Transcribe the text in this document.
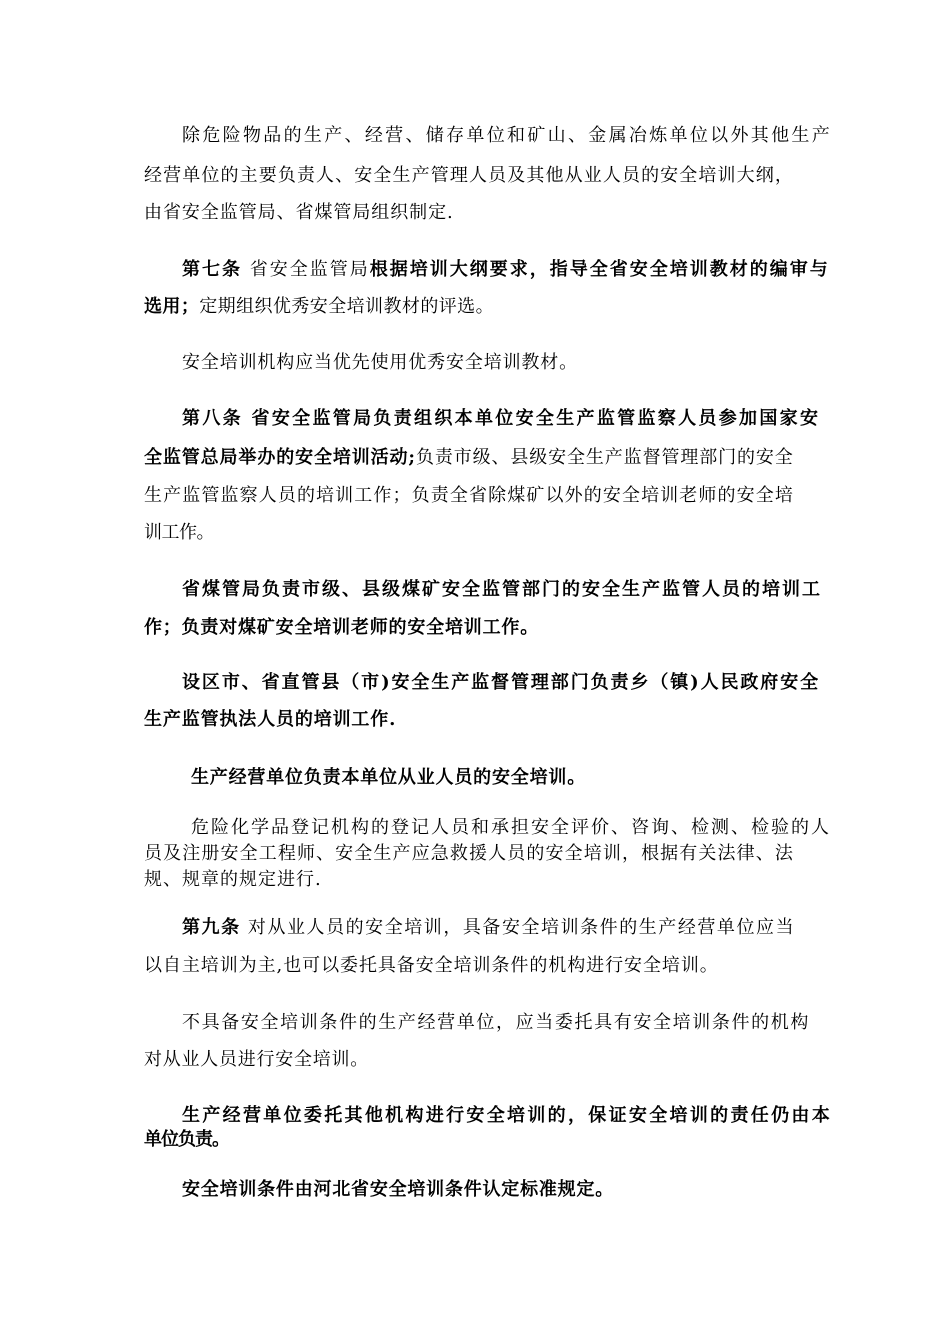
除危险物品的生产、经营、储存单位和矿山、金属冶炼单位以外其他生产
经营单位的主要负责人、安全生产管理人员及其他从业人员的安全培训大纲，
由省安全监管局、省煤管局组织制定.
第七条 省安全监管局根据培训大纲要求，指导全省安全培训教材的编审与
选用；定期组织优秀安全培训教材的评选。
安全培训机构应当优先使用优秀安全培训教材。
第八条 省安全监管局负责组织本单位安全生产监管监察人员参加国家安
全监管总局举办的安全培训活动;负责市级、县级安全生产监督管理部门的安全
生产监管监察人员的培训工作；负责全省除煤矿以外的安全培训老师的安全培
训工作。
省煤管局负责市级、县级煤矿安全监管部门的安全生产监管人员的培训工
作；负责对煤矿安全培训老师的安全培训工作。
设区市、省直管县（市)安全生产监督管理部门负责乡（镇)人民政府安全
生产监管执法人员的培训工作.
生产经营单位负责本单位从业人员的安全培训。
危险化学品登记机构的登记人员和承担安全评价、咨询、检测、检验的人
员及注册安全工程师、安全生产应急救援人员的安全培训，根据有关法律、法
规、规章的规定进行.
第九条 对从业人员的安全培训，具备安全培训条件的生产经营单位应当
以自主培训为主,也可以委托具备安全培训条件的机构进行安全培训。
不具备安全培训条件的生产经营单位，应当委托具有安全培训条件的机构
对从业人员进行安全培训。
生产经营单位委托其他机构进行安全培训的，保证安全培训的责任仍由本
单位负责。
安全培训条件由河北省安全培训条件认定标准规定。
